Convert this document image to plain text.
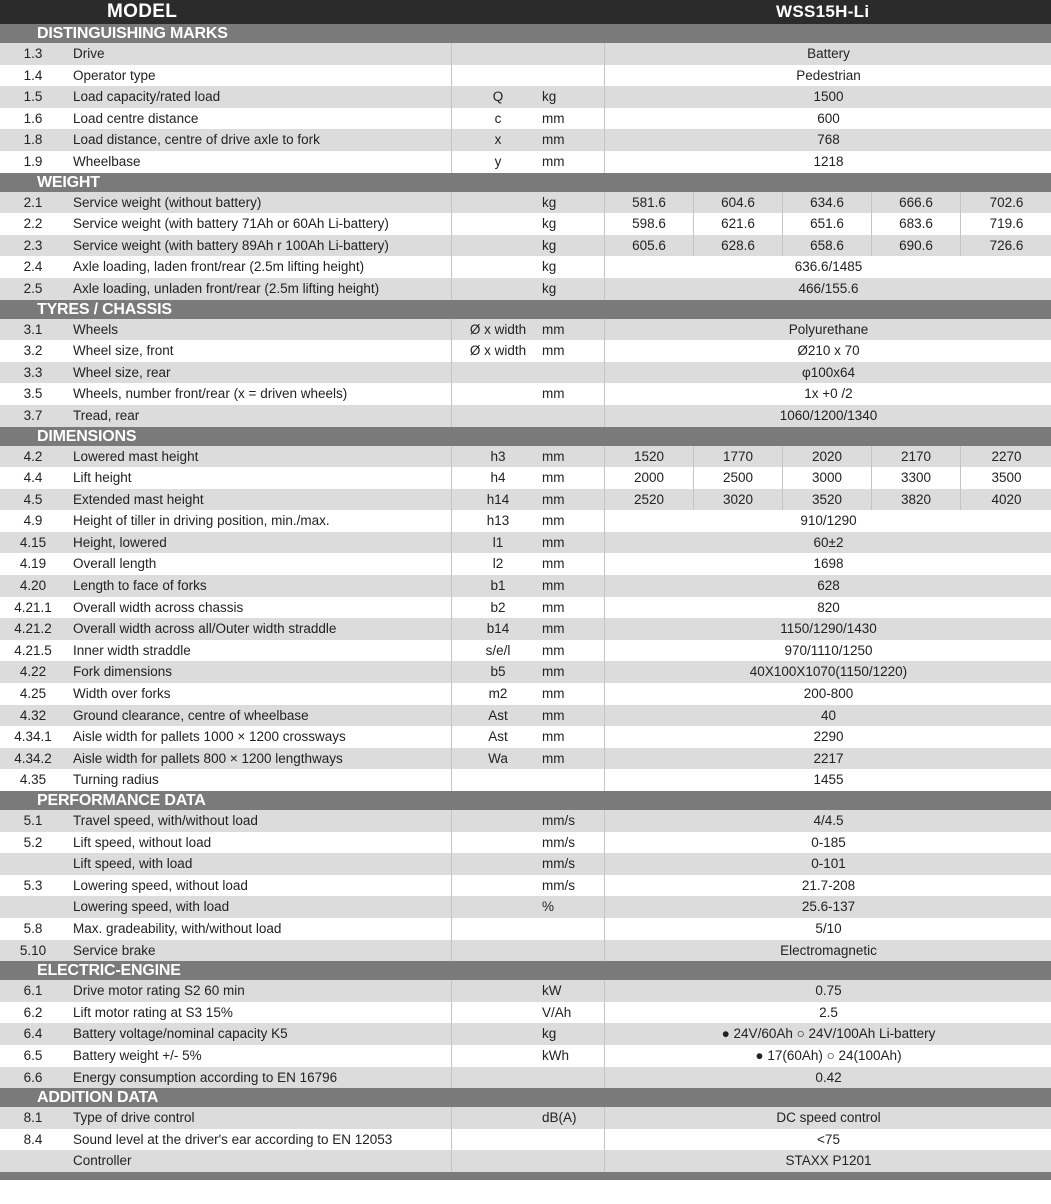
MODEL	WSS15H-Li
DISTINGUISHING MARKS
1.3	Drive	Battery
1.4	Operator type	Pedestrian
1.5	Load capacity/rated load	Q	kg	1500
1.6	Load centre distance	c	mm	600
1.8	Load distance, centre of drive axle to fork	x	mm	768
1.9	Wheelbase	y	mm	1218
WEIGHT
2.1	Service weight (without battery)	kg	581.6	604.6	634.6	666.6	702.6
2.2	Service weight (with battery 71Ah or 60Ah Li-battery)	kg	598.6	621.6	651.6	683.6	719.6
2.3	Service weight (with battery 89Ah r 100Ah Li-battery)	kg	605.6	628.6	658.6	690.6	726.6
2.4	Axle loading, laden front/rear (2.5m lifting height)	kg	636.6/1485
2.5	Axle loading, unladen front/rear (2.5m lifting height)	kg	466/155.6
TYRES / CHASSIS
3.1	Wheels	Ø x width	mm	Polyurethane
3.2	Wheel size, front	Ø x width	mm	Ø210 x 70
3.3	Wheel size, rear	φ100x64
3.5	Wheels, number front/rear (x = driven wheels)	mm	1x +0 /2
3.7	Tread, rear	1060/1200/1340
DIMENSIONS
4.2	Lowered mast height	h3	mm	1520	1770	2020	2170	2270
4.4	Lift height	h4	mm	2000	2500	3000	3300	3500
4.5	Extended mast height	h14	mm	2520	3020	3520	3820	4020
4.9	Height of tiller in driving position, min./max.	h13	mm	910/1290
4.15	Height, lowered	l1	mm	60±2
4.19	Overall length	l2	mm	1698
4.20	Length to face of forks	b1	mm	628
4.21.1	Overall width across chassis	b2	mm	820
4.21.2	Overall width across all/Outer width straddle	b14	mm	1150/1290/1430
4.21.5	Inner width straddle	s/e/l	mm	970/1110/1250
4.22	Fork dimensions	b5	mm	40X100X1070(1150/1220)
4.25	Width over forks	m2	mm	200-800
4.32	Ground clearance, centre of wheelbase	Ast	mm	40
4.34.1	Aisle width for pallets 1000 × 1200 crossways	Ast	mm	2290
4.34.2	Aisle width for pallets 800 × 1200 lengthways	Wa	mm	2217
4.35	Turning radius	1455
PERFORMANCE DATA
5.1	Travel speed, with/without load	mm/s	4/4.5
5.2	Lift speed, without load	mm/s	0-185
Lift speed, with load	mm/s	0-101
5.3	Lowering speed, without load	mm/s	21.7-208
Lowering speed, with load	%	25.6-137
5.8	Max. gradeability, with/without load	5/10
5.10	Service brake	Electromagnetic
ELECTRIC-ENGINE
6.1	Drive motor rating S2 60 min	kW	0.75
6.2	Lift motor rating at S3 15%	V/Ah	2.5
6.4	Battery voltage/nominal capacity K5	kg	● 24V/60Ah ○ 24V/100Ah Li-battery
6.5	Battery weight +/- 5%	kWh	● 17(60Ah) ○ 24(100Ah)
6.6	Energy consumption according to EN 16796	0.42
ADDITION DATA
8.1	Type of drive control	dB(A)	DC speed control
8.4	Sound level at the driver's ear according to EN 12053	<75
Controller	STAXX P1201
